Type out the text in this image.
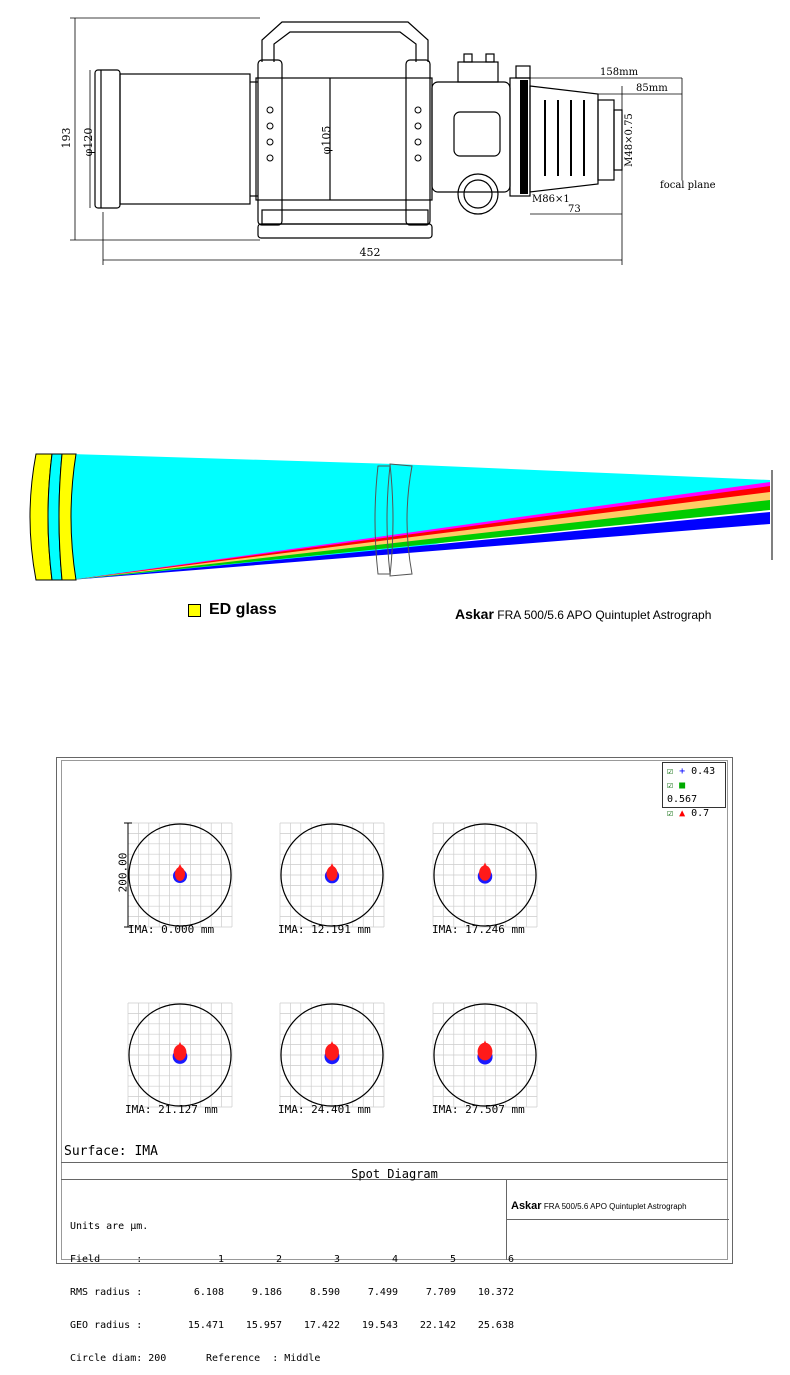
193 φ120	φ105
158mm
85mm
M48×0.75
M86×1
73
452
focal plane
ED glass	Askar FRA 500/5.6 APO Quintuplet Astrograph
☑ + 0.43
☑ ■ 0.567
☑ ▲ 0.7
200.00
IMA: 0.000 mm	IMA: 12.191 mm	IMA: 17.246 mm
IMA: 21.127 mm	IMA: 24.401 mm	IMA: 27.507 mm
Surface: IMA
Spot Diagram

Units are µm.

Field      :	1	2	3	4	5	6

RMS radius :	6.108	9.186	8.590	7.499	7.709	10.372

GEO radius :	15.471	15.957	17.422	19.543	22.142	25.638

Circle diam: 200	Reference  : Middle

Askar FRA 500/5.6 APO Quintuplet Astrograph
